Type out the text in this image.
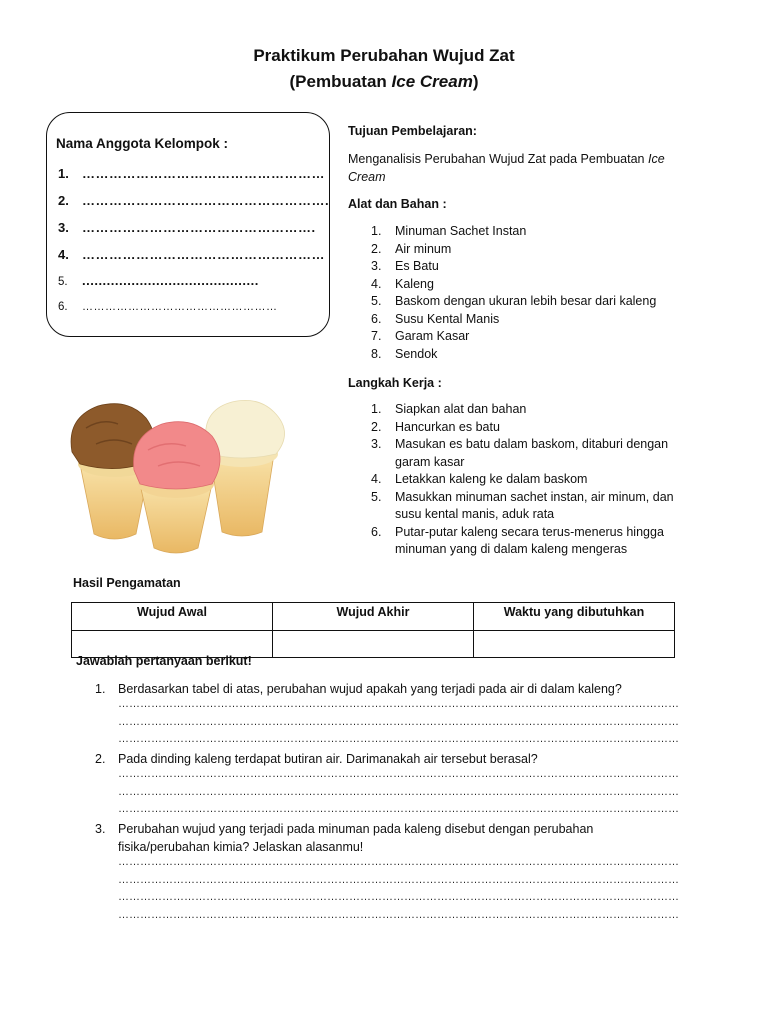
Praktikum Perubahan Wujud Zat
(Pembuatan Ice Cream)
Nama Anggota Kelompok :
1. ………………………………………………
2. ……………………………………………….
3. …………………………………………….
4. ………………………………………………
5. ...........................................
6. ……………………………………………
Tujuan Pembelajaran:
Menganalisis Perubahan Wujud Zat pada Pembuatan Ice
Cream
Alat dan Bahan :
1. Minuman Sachet Instan
2. Air minum
3. Es Batu
4. Kaleng
5. Baskom dengan ukuran lebih besar dari kaleng
6. Susu Kental Manis
7. Garam Kasar
8. Sendok
Langkah Kerja :
1. Siapkan alat dan bahan
2. Hancurkan es batu
3. Masukan es batu dalam baskom, ditaburi dengan
garam kasar
4. Letakkan kaleng ke dalam baskom
5. Masukkan minuman sachet instan, air minum, dan
susu kental manis, aduk rata
6. Putar-putar kaleng secara terus-menerus hingga
minuman yang di dalam kaleng mengeras
Hasil Pengamatan
Wujud Awal	Wujud Akhir	Waktu yang dibutuhkan

Jawablah pertanyaan berikut!
1. Berdasarkan tabel di atas, perubahan wujud apakah yang terjadi pada air di dalam kaleng?
………………………………………………………………………………………………………………………………………
………………………………………………………………………………………………………………………………………
………………………………………………………………………………………………………………………………………
2. Pada dinding kaleng terdapat butiran air. Darimanakah air tersebut berasal?
………………………………………………………………………………………………………………………………………
………………………………………………………………………………………………………………………………………
………………………………………………………………………………………………………………………………………
3. Perubahan wujud yang terjadi pada minuman pada kaleng disebut dengan perubahan
fisika/perubahan kimia? Jelaskan alasanmu!
………………………………………………………………………………………………………………………………………
………………………………………………………………………………………………………………………………………
………………………………………………………………………………………………………………………………………
………………………………………………………………………………………………………………………………………
